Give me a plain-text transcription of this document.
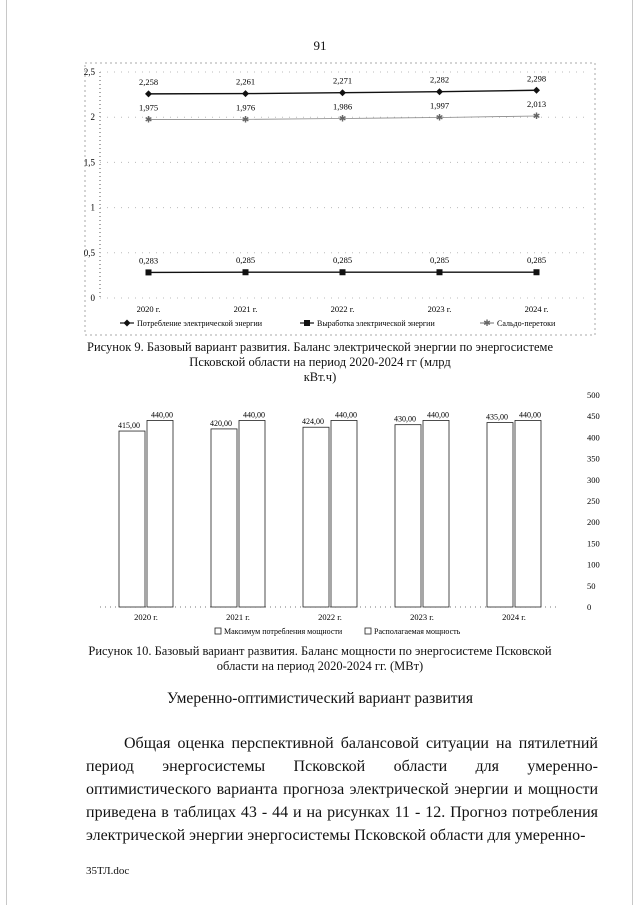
91
0
0,5
1
1,5
2
2,5
2020 г.	2021 г.	2022 г.	2023 г.	2024 г.
2,258	2,261	2,271	2,282	2,298
0,283	0,285	0,285	0,285	0,285
✱
1,975
✱
1,976
✱
1,986
✱
1,997
✱
2,013
Потребление электрической энергии	Выработка электрической энергии	✱ Сальдо-перетоки
Рисунок 9. Базовый вариант развития. Баланс электрической энергии по энергосистеме
Псковской области на период 2020-2024 гг (млрд
кВт.ч)
0
50
100
150
200
250
300
350
400
450
500
415,00
440,00
2020 г.
420,00
440,00
2021 г.
424,00
440,00
2022 г.
430,00 440,00
2023 г.
435,00 440,00
2024 г.
Максимум потребления мощности	Располагаемая мощность
Рисунок 10. Базовый вариант развития. Баланс мощности по энергосистеме Псковской
области на период 2020-2024 гг. (МВт)
Умеренно-оптимистический вариант развития
Общая оценка перспективной балансовой ситуации на пятилетний период энергосистемы Псковской области для умеренно-оптимистического варианта прогноза электрической энергии и мощности приведена в таблицах 43 - 44 и на рисунках 11 - 12. Прогноз потребления электрической энергии энергосистемы Псковской области для умеренно-
35ТЛ.doc
